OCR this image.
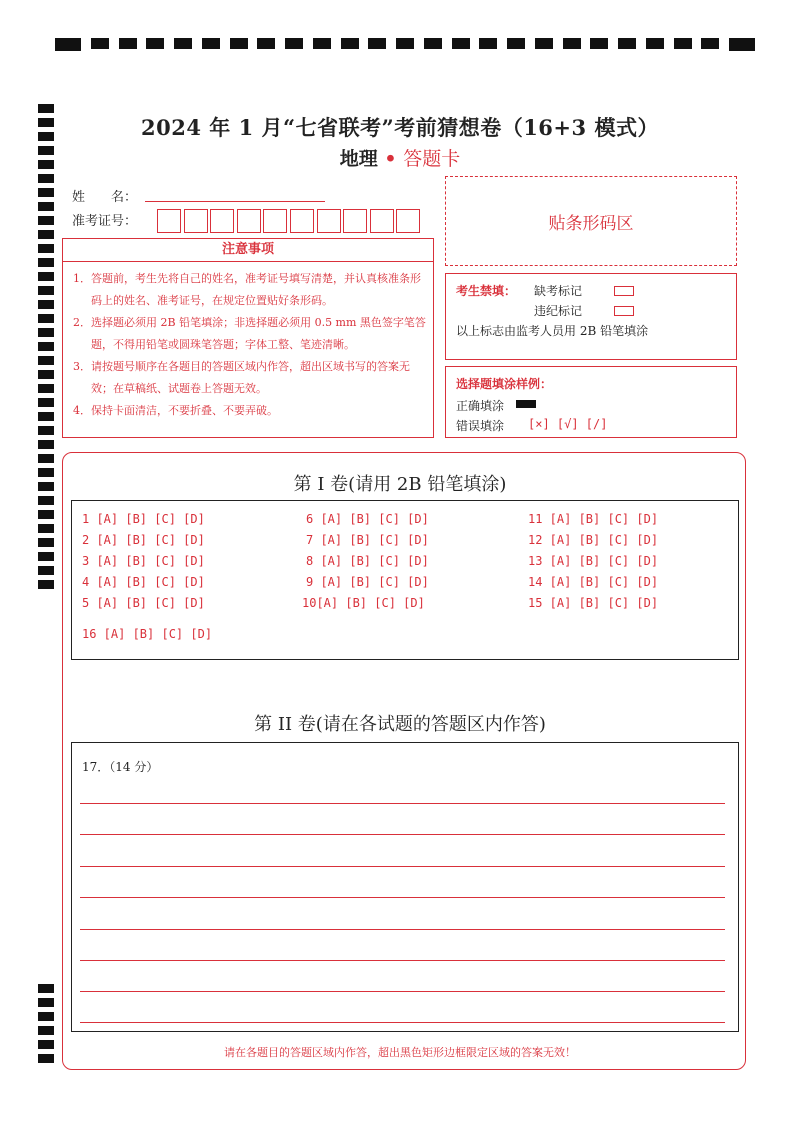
2024 年 1 月“七省联考”考前猜想卷（16+3 模式）
地理 • 答题卡
姓　　名：
准考证号：	贴条形码区
注意事项
1．答题前，考生先将自己的姓名，准考证号填写清楚，并认真核准条形码上的姓名、准考证号，在规定位置贴好条形码。
2．选择题必须用 2B 铅笔填涂；非选择题必须用 0.5 mm 黑色签字笔答题，不得用铅笔或圆珠笔答题；字体工整、笔迹清晰。
3．请按题号顺序在各题目的答题区域内作答，超出区域书写的答案无效；在草稿纸、试题卷上答题无效。
4．保持卡面清洁，不要折叠、不要弄破。
考生禁填： 缺考标记
违纪标记
以上标志由监考人员用 2B 铅笔填涂
选择题填涂样例：
正确填涂
错误填涂 [×] [√] [/]
第 I 卷(请用 2B 铅笔填涂)
1 [A] [B] [C] [D]	6 [A] [B] [C] [D]	11 [A] [B] [C] [D]
2 [A] [B] [C] [D]	7 [A] [B] [C] [D]	12 [A] [B] [C] [D]
3 [A] [B] [C] [D]	8 [A] [B] [C] [D]	13 [A] [B] [C] [D]
4 [A] [B] [C] [D]	9 [A] [B] [C] [D]	14 [A] [B] [C] [D]
5 [A] [B] [C] [D]	10[A] [B] [C] [D]	15 [A] [B] [C] [D]
16 [A] [B] [C] [D]
第 II 卷(请在各试题的答题区内作答)
17．（14 分）
请在各题目的答题区域内作答，超出黑色矩形边框限定区域的答案无效！
